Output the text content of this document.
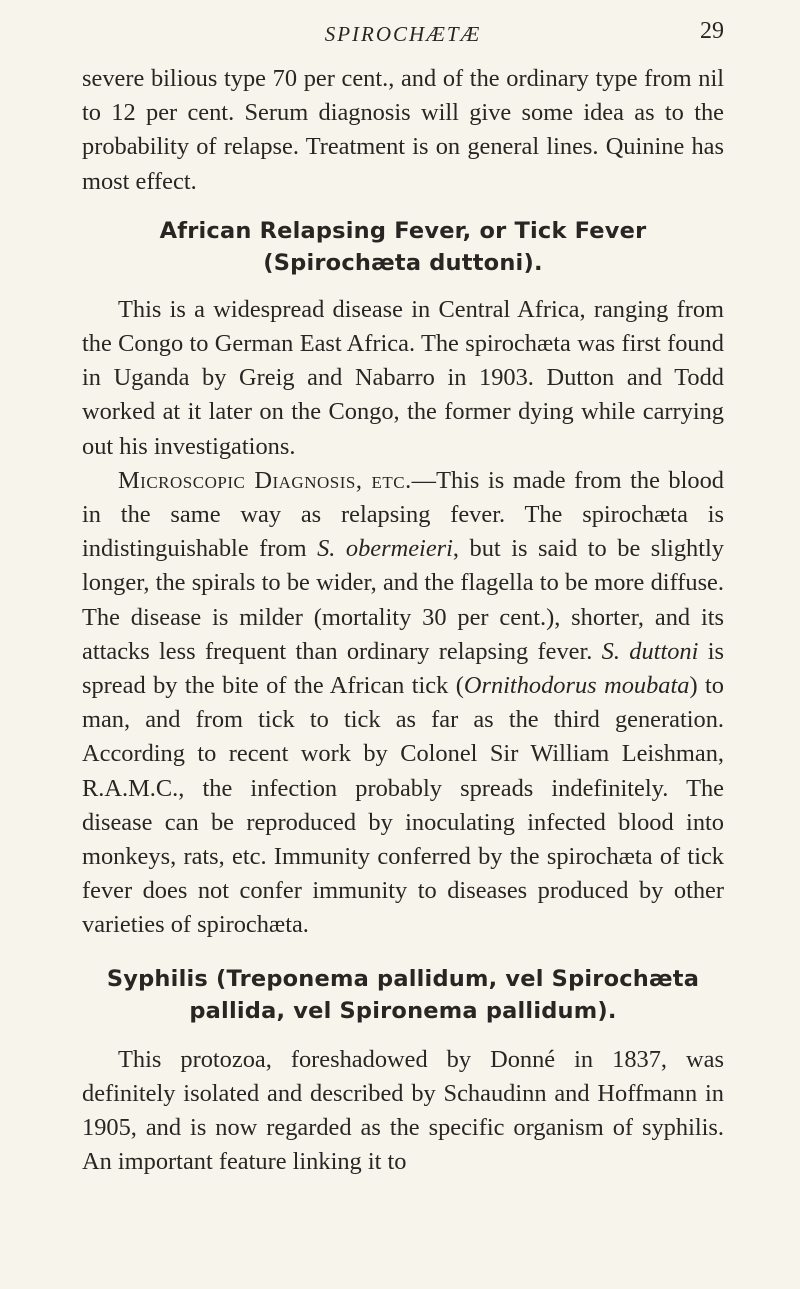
SPIROCHÆTÆ	29

severe bilious type 70 per cent., and of the ordinary type from nil to 12 per cent. Serum diagnosis will give some idea as to the probability of relapse. Treatment is on general lines. Quinine has most effect.

African Relapsing Fever, or Tick Fever (Spirochæta duttoni).

This is a widespread disease in Central Africa, ranging from the Congo to German East Africa. The spirochæta was first found in Uganda by Greig and Nabarro in 1903. Dutton and Todd worked at it later on the Congo, the former dying while carrying out his investigations.

Microscopic Diagnosis, etc.—This is made from the blood in the same way as relapsing fever. The spirochæta is indistinguishable from S. obermeieri, but is said to be slightly longer, the spirals to be wider, and the flagella to be more diffuse. The disease is milder (mortality 30 per cent.), shorter, and its attacks less frequent than ordinary relapsing fever. S. duttoni is spread by the bite of the African tick (Ornithodorus moubata) to man, and from tick to tick as far as the third generation. According to recent work by Colonel Sir William Leishman, R.A.M.C., the infection probably spreads indefinitely. The disease can be reproduced by inoculating infected blood into monkeys, rats, etc. Immunity conferred by the spirochæta of tick fever does not confer immunity to diseases produced by other varieties of spirochæta.

Syphilis (Treponema pallidum, vel Spirochæta pallida, vel Spironema pallidum).

This protozoa, foreshadowed by Donné in 1837, was definitely isolated and described by Schaudinn and Hoffmann in 1905, and is now regarded as the specific organism of syphilis. An important feature linking it to
